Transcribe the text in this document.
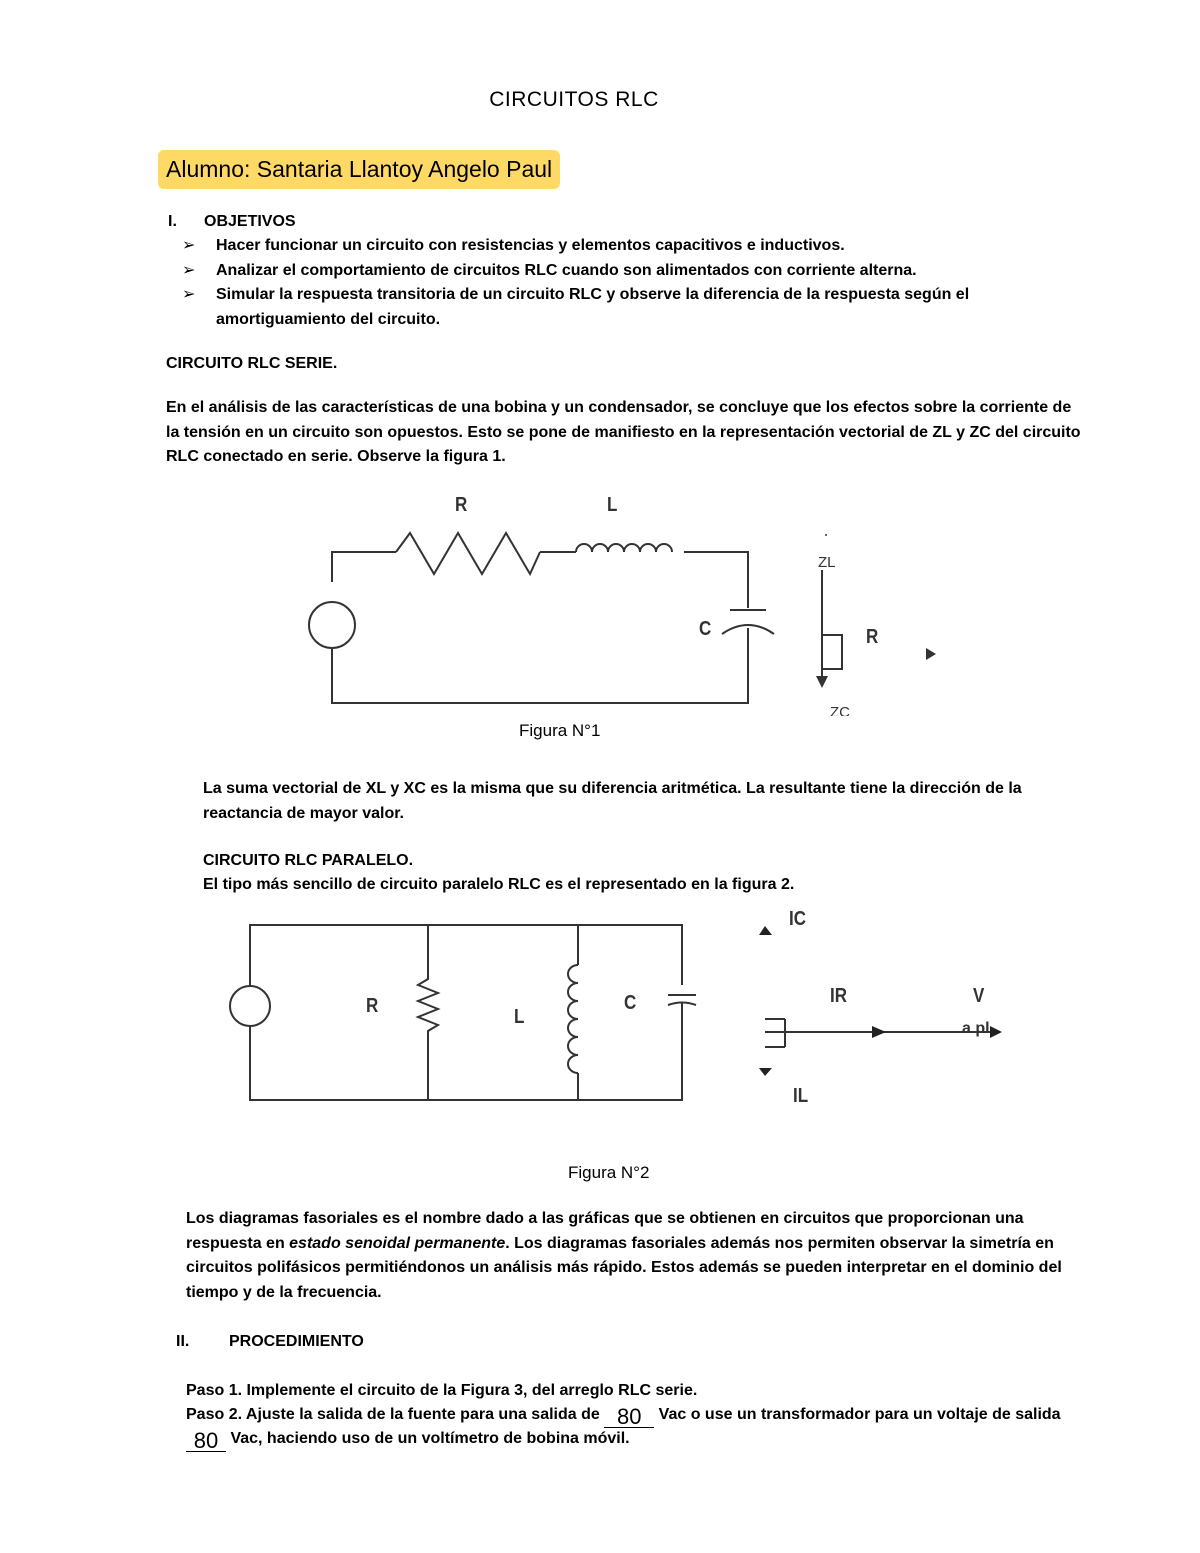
CIRCUITOS RLC
Alumno: Santaria Llantoy Angelo Paul
I. OBJETIVOS
➢ Hacer funcionar un circuito con resistencias y elementos capacitivos e inductivos.
➢ Analizar el comportamiento de circuitos RLC cuando son alimentados con corriente alterna.
➢ Simular la respuesta transitoria de un circuito RLC y observe la diferencia de la respuesta según el amortiguamiento del circuito.
CIRCUITO RLC SERIE.
En el análisis de las características de una bobina y un condensador, se concluye que los efectos sobre la corriente de la tensión en un circuito son opuestos. Esto se pone de manifiesto en la representación vectorial de ZL y ZC del circuito RLC conectado en serie. Observe la figura 1.
R	L
C
ZL
R
ZC
Figura N°1
La suma vectorial de XL y XC es la misma que su diferencia aritmética. La resultante tiene la dirección de la reactancia de mayor valor.
CIRCUITO RLC PARALELO.
El tipo más sencillo de circuito paralelo RLC es el representado en la figura 2.
IC
R	L
C	IR	V
a pl
IL
Figura N°2
Los diagramas fasoriales es el nombre dado a las gráficas que se obtienen en circuitos que proporcionan una respuesta en estado senoidal permanente. Los diagramas fasoriales además nos permiten observar la simetría en circuitos polifásicos permitiéndonos un análisis más rápido. Estos además se pueden interpretar en el dominio del tiempo y de la frecuencia.
II. PROCEDIMIENTO
Paso 1. Implemente el circuito de la Figura 3, del arreglo RLC serie.
Paso 2. Ajuste la salida de la fuente para una salida de 80 Vac o use un transformador para un voltaje de salida
80 Vac, haciendo uso de un voltímetro de bobina móvil.
